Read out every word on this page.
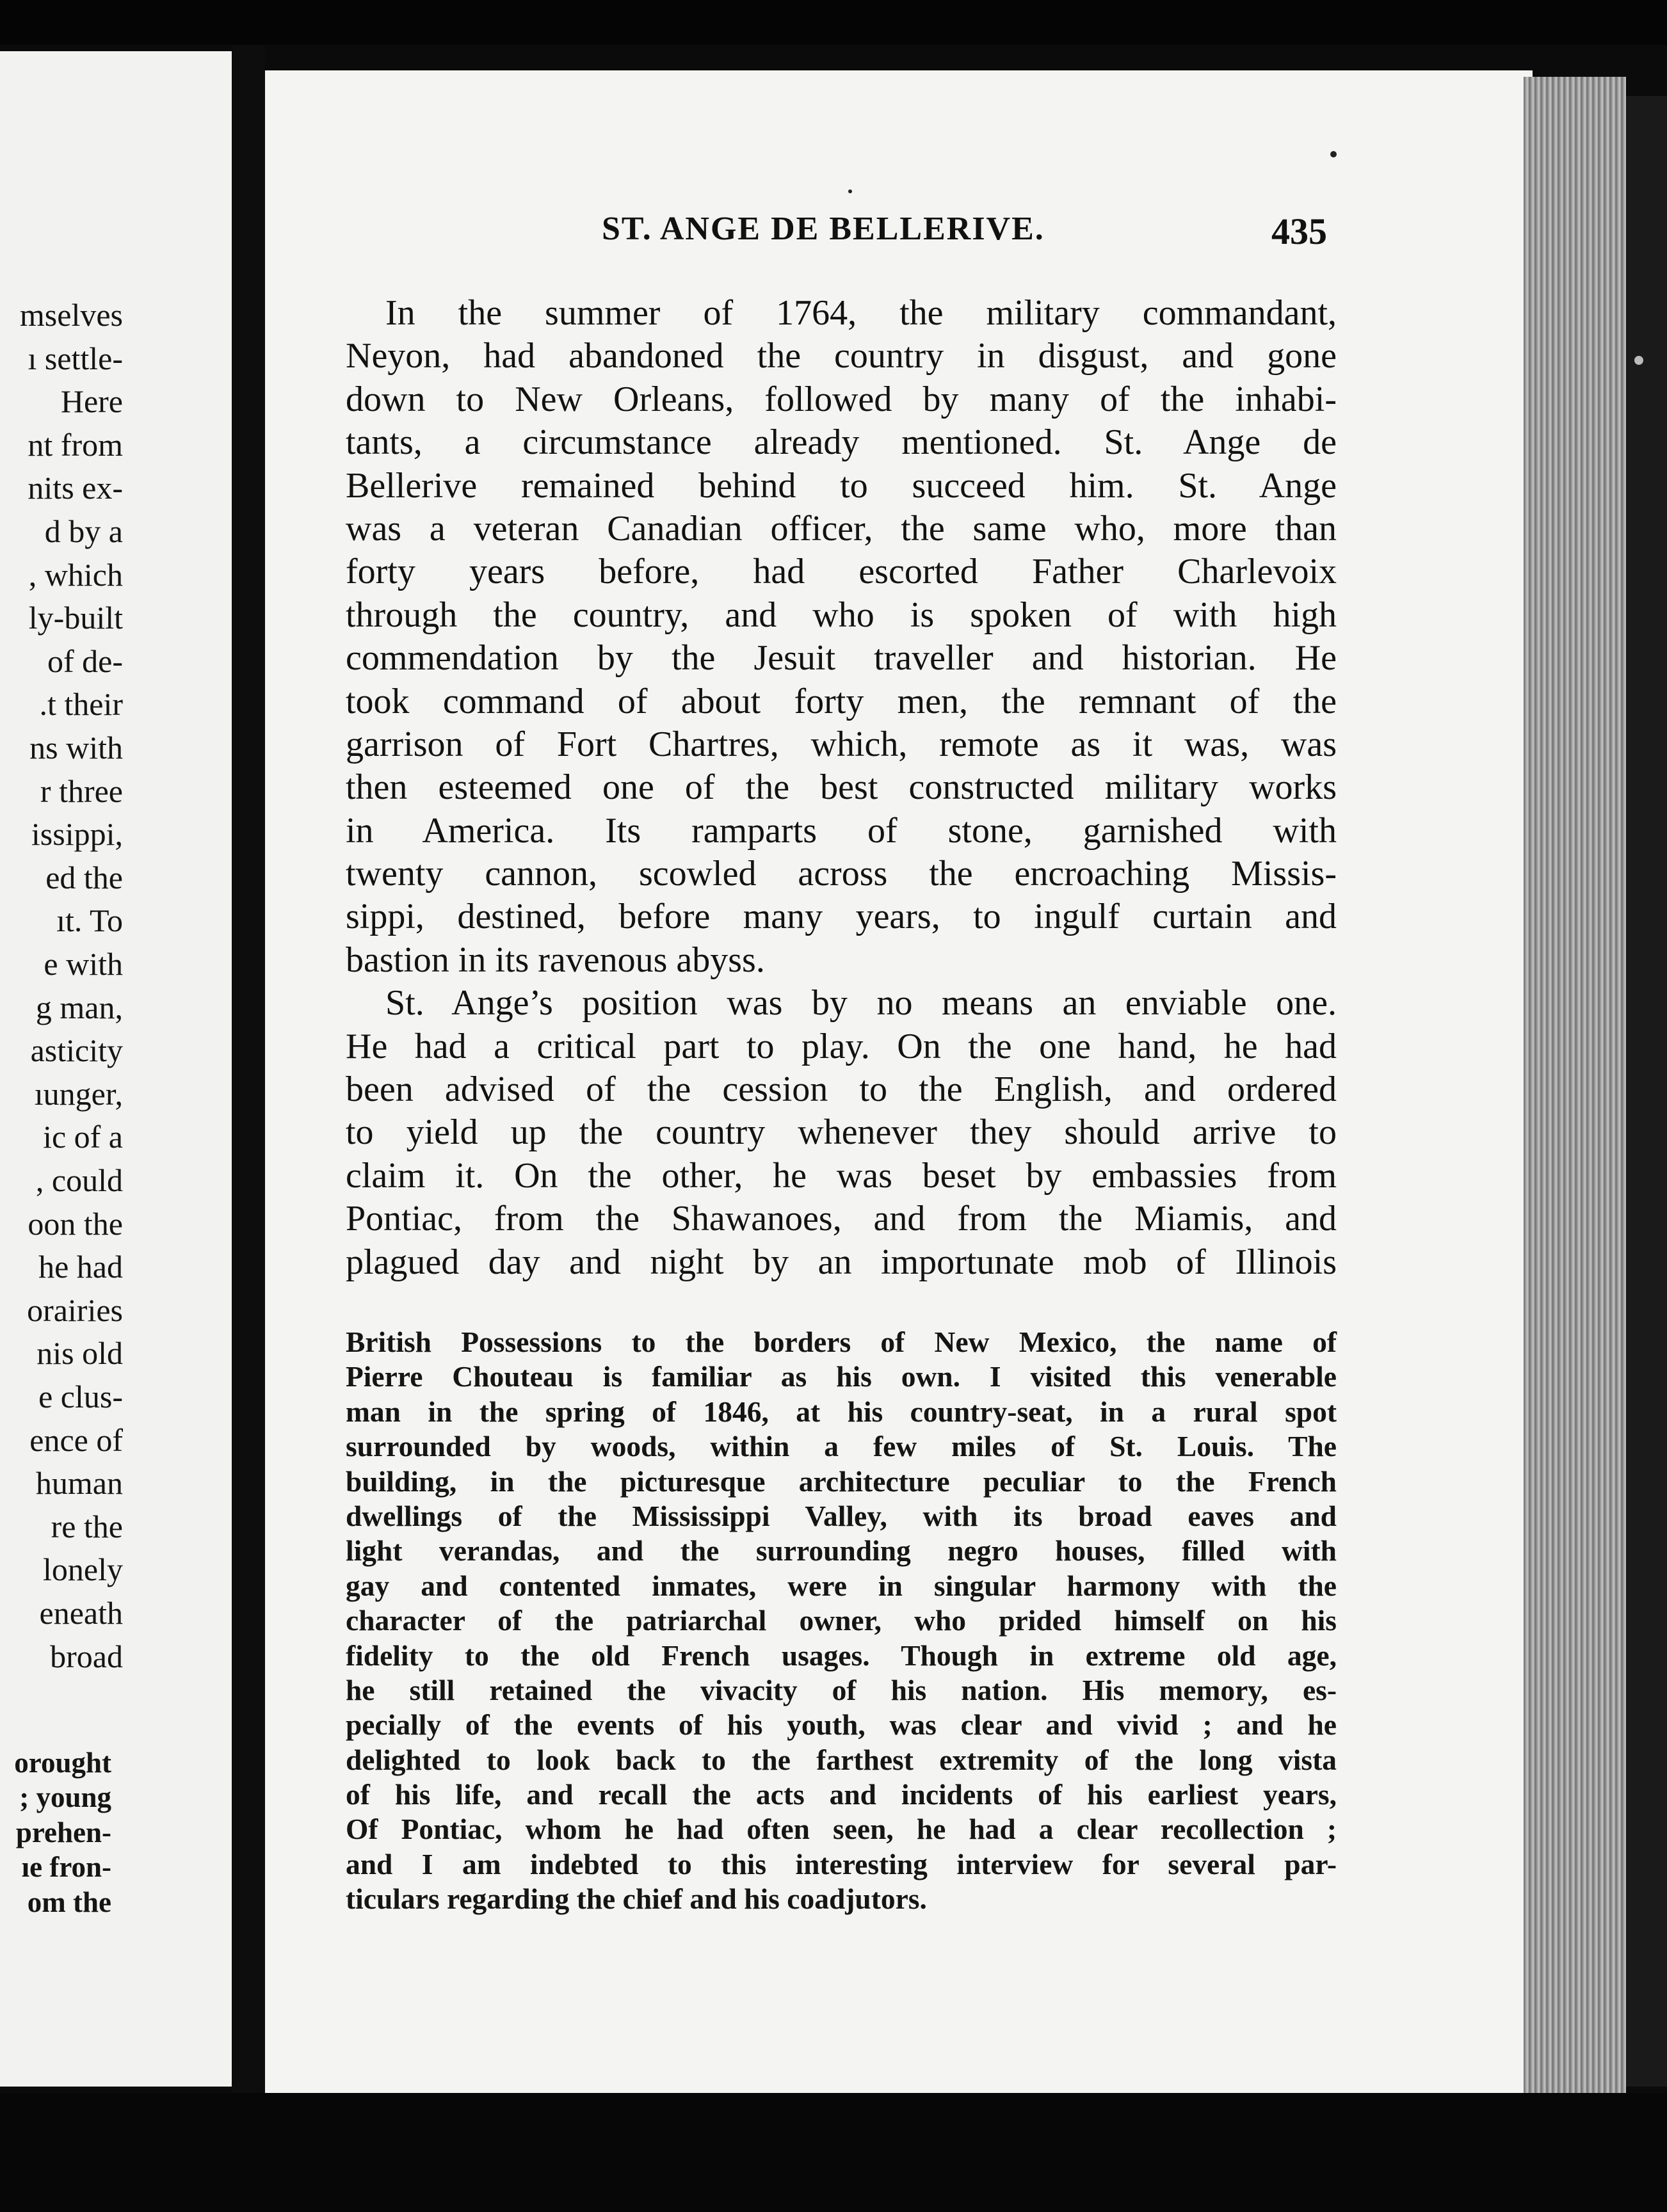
mselves
ı settle-
Here
nt from
nits ex-
d by a
, which
ly-built
of de-
.t their
ns with
r three
issippi,
ed the
ıt. To
e with
g man,
asticity
ıunger,
ic of a
, could
oon the
he had
orairies
nis old
e clus-
ence of
human
re the
lonely
eneath
broad
orought
; young
prehen-
ıe fron-
om the
ST. ANGE DE BELLERIVE.	435
In the summer of 1764, the military commandant,
Neyon, had abandoned the country in disgust, and gone
down to New Orleans, followed by many of the inhabi-
tants, a circumstance already mentioned. St. Ange de
Bellerive remained behind to succeed him. St. Ange
was a veteran Canadian officer, the same who, more than
forty years before, had escorted Father Charlevoix
through the country, and who is spoken of with high
commendation by the Jesuit traveller and historian. He
took command of about forty men, the remnant of the
garrison of Fort Chartres, which, remote as it was, was
then esteemed one of the best constructed military works
in America. Its ramparts of stone, garnished with
twenty cannon, scowled across the encroaching Missis-
sippi, destined, before many years, to ingulf curtain and
bastion in its ravenous abyss.
St. Ange’s position was by no means an enviable one.
He had a critical part to play. On the one hand, he had
been advised of the cession to the English, and ordered
to yield up the country whenever they should arrive to
claim it. On the other, he was beset by embassies from
Pontiac, from the Shawanoes, and from the Miamis, and
plagued day and night by an importunate mob of Illinois
British Possessions to the borders of New Mexico, the name of
Pierre Chouteau is familiar as his own. I visited this venerable
man in the spring of 1846, at his country-seat, in a rural spot
surrounded by woods, within a few miles of St. Louis. The
building, in the picturesque architecture peculiar to the French
dwellings of the Mississippi Valley, with its broad eaves and
light verandas, and the surrounding negro houses, filled with
gay and contented inmates, were in singular harmony with the
character of the patriarchal owner, who prided himself on his
fidelity to the old French usages. Though in extreme old age,
he still retained the vivacity of his nation. His memory, es-
pecially of the events of his youth, was clear and vivid ; and he
delighted to look back to the farthest extremity of the long vista
of his life, and recall the acts and incidents of his earliest years,
Of Pontiac, whom he had often seen, he had a clear recollection ;
and I am indebted to this interesting interview for several par-
ticulars regarding the chief and his coadjutors.
